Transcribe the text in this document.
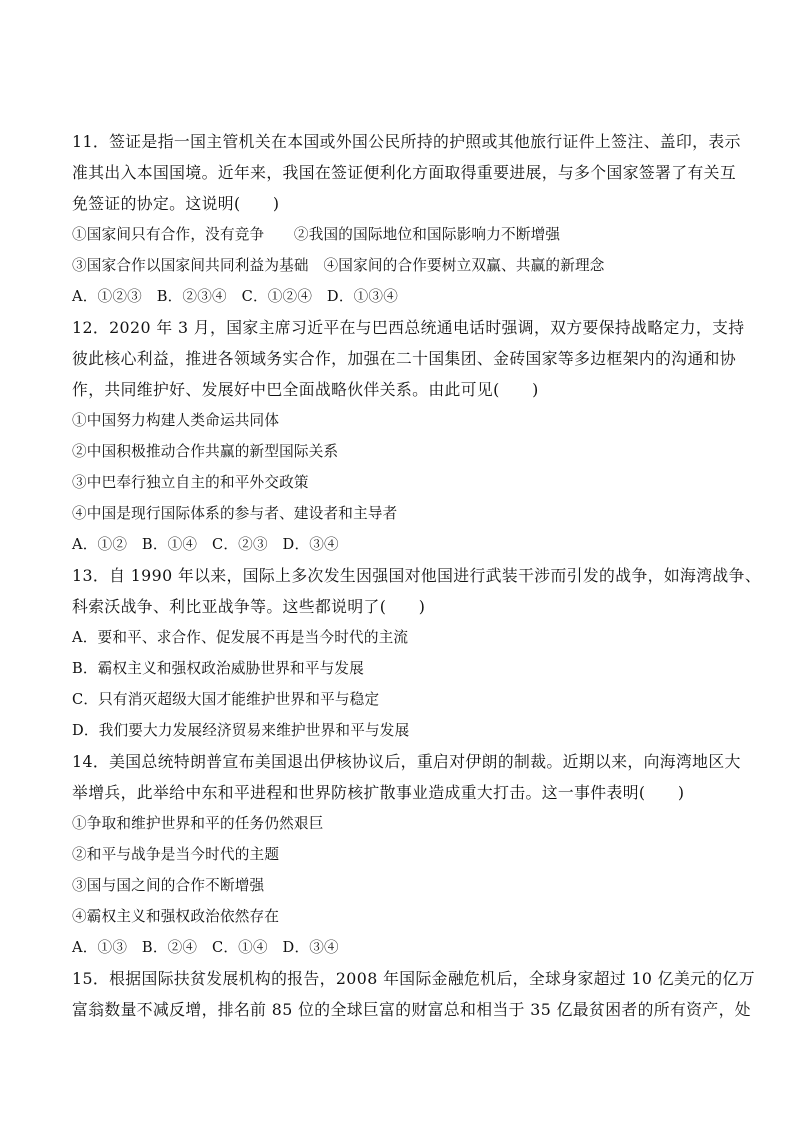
11．签证是指一国主管机关在本国或外国公民所持的护照或其他旅行证件上签注、盖印，表示
准其出入本国国境。近年来，我国在签证便利化方面取得重要进展，与多个国家签署了有关互
免签证的协定。这说明(　　)
①国家间只有合作，没有竞争　　②我国的国际地位和国际影响力不断增强
③国家合作以国家间共同利益为基础　④国家间的合作要树立双赢、共赢的新理念
A．①②③　B．②③④　C．①②④　D．①③④
12．2020 年 3 月，国家主席习近平在与巴西总统通电话时强调，双方要保持战略定力，支持
彼此核心利益，推进各领域务实合作，加强在二十国集团、金砖国家等多边框架内的沟通和协
作，共同维护好、发展好中巴全面战略伙伴关系。由此可见(　　)
①中国努力构建人类命运共同体
②中国积极推动合作共赢的新型国际关系
③中巴奉行独立自主的和平外交政策
④中国是现行国际体系的参与者、建设者和主导者
A．①②　B．①④　C．②③　D．③④
13．自 1990 年以来，国际上多次发生因强国对他国进行武装干涉而引发的战争，如海湾战争、
科索沃战争、利比亚战争等。这些都说明了(　　)
A．要和平、求合作、促发展不再是当今时代的主流
B．霸权主义和强权政治威胁世界和平与发展
C．只有消灭超级大国才能维护世界和平与稳定
D．我们要大力发展经济贸易来维护世界和平与发展
14．美国总统特朗普宣布美国退出伊核协议后，重启对伊朗的制裁。近期以来，向海湾地区大
举增兵，此举给中东和平进程和世界防核扩散事业造成重大打击。这一事件表明(　　)
①争取和维护世界和平的任务仍然艰巨
②和平与战争是当今时代的主题
③国与国之间的合作不断增强
④霸权主义和强权政治依然存在
A．①③　B．②④　C．①④　D．③④
15．根据国际扶贫发展机构的报告，2008 年国际金融危机后，全球身家超过 10 亿美元的亿万
富翁数量不减反增，排名前 85 位的全球巨富的财富总和相当于 35 亿最贫困者的所有资产，处
